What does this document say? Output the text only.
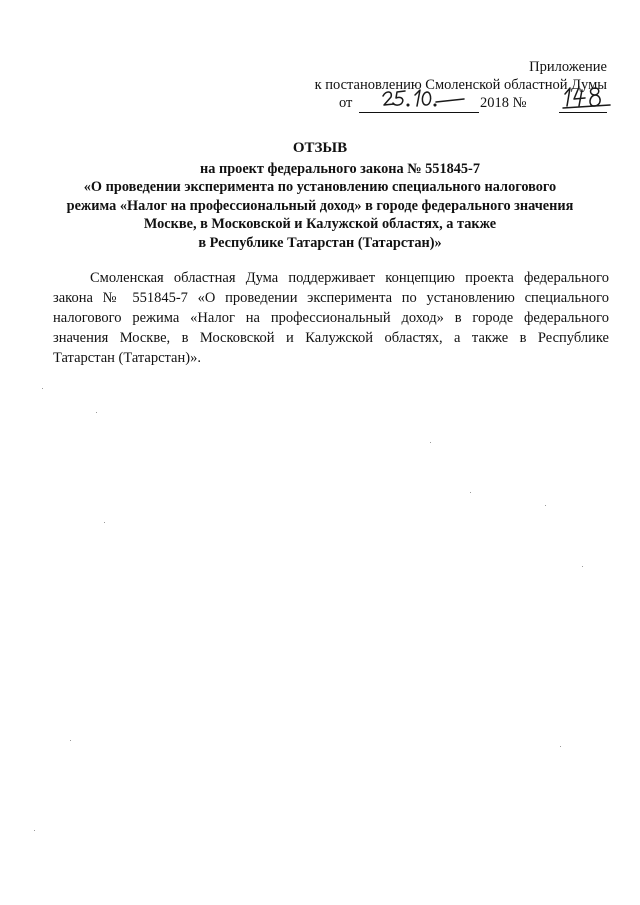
Приложение
к постановлению Смоленской областной Думы
от	2018 №
ОТЗЫВ
на проект федерального закона № 551845-7
«О проведении эксперимента по установлению специального налогового
режима «Налог на профессиональный доход» в городе федерального значения
Москве, в Московской и Калужской областях, а также
в Республике Татарстан (Татарстан)»
Смоленская областная Дума поддерживает концепцию проекта федерального
закона № 551845-7 «О проведении эксперимента по установлению специального
налогового режима «Налог на профессиональный доход» в городе федерального
значения Москве, в Московской и Калужской областях, а также в Республике
Татарстан (Татарстан)».
